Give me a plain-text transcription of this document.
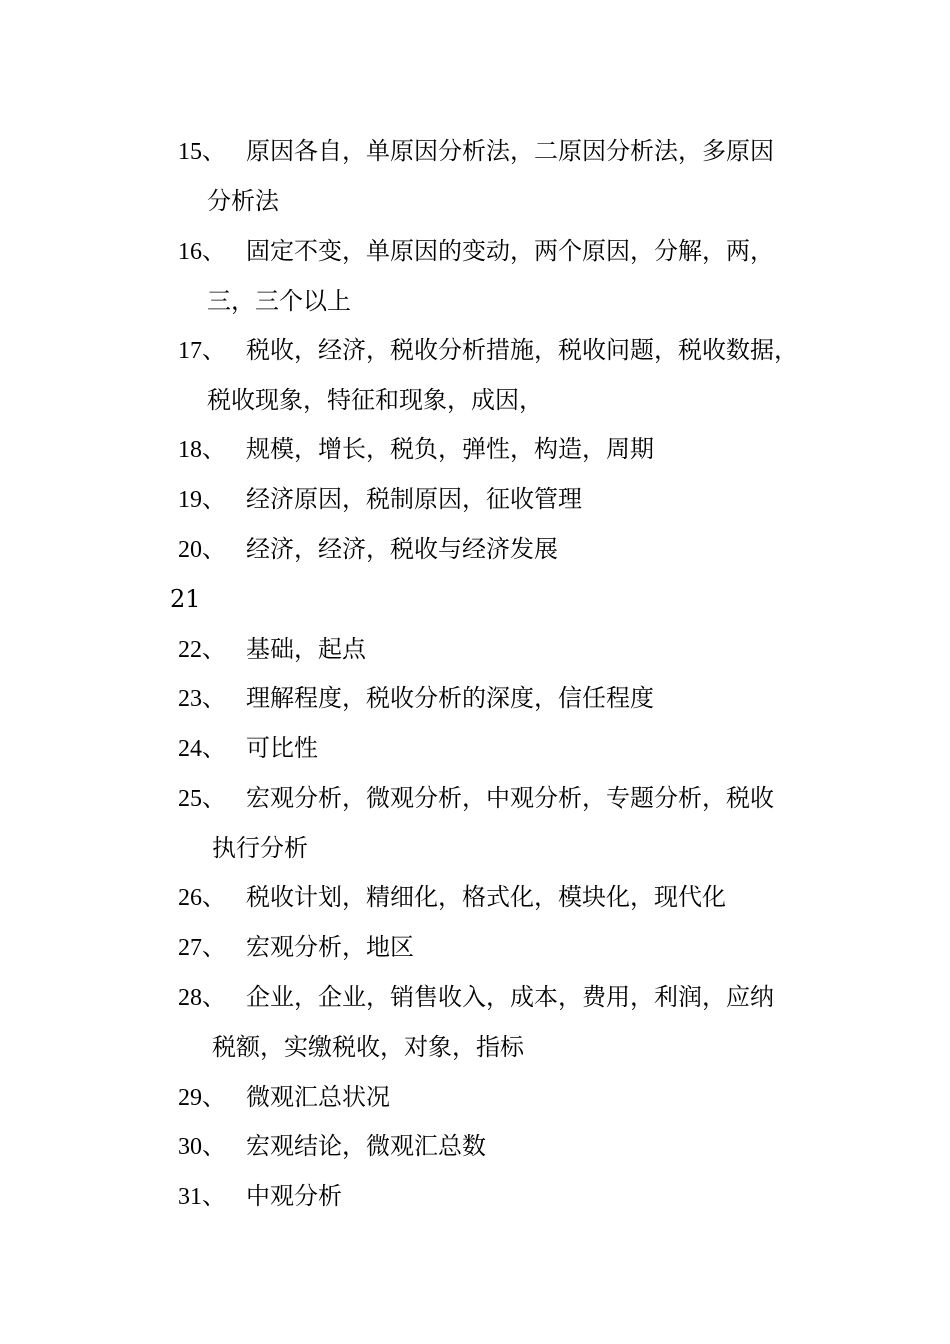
15、 原因各自，单原因分析法，二原因分析法，多原因
分析法
16、 固定不变，单原因的变动，两个原因，分解，两，
三，三个以上
17、 税收，经济，税收分析措施，税收问题，税收数据，
税收现象，特征和现象，成因，
18、 规模，增长，税负，弹性，构造，周期
19、 经济原因，税制原因，征收管理
20、 经济，经济，税收与经济发展
21
22、 基础，起点
23、 理解程度，税收分析的深度，信任程度
24、 可比性
25、 宏观分析，微观分析，中观分析，专题分析，税收
执行分析
26、 税收计划，精细化，格式化，模块化，现代化
27、 宏观分析，地区
28、 企业，企业，销售收入，成本，费用，利润，应纳
税额，实缴税收，对象，指标
29、 微观汇总状况
30、 宏观结论，微观汇总数
31、 中观分析
